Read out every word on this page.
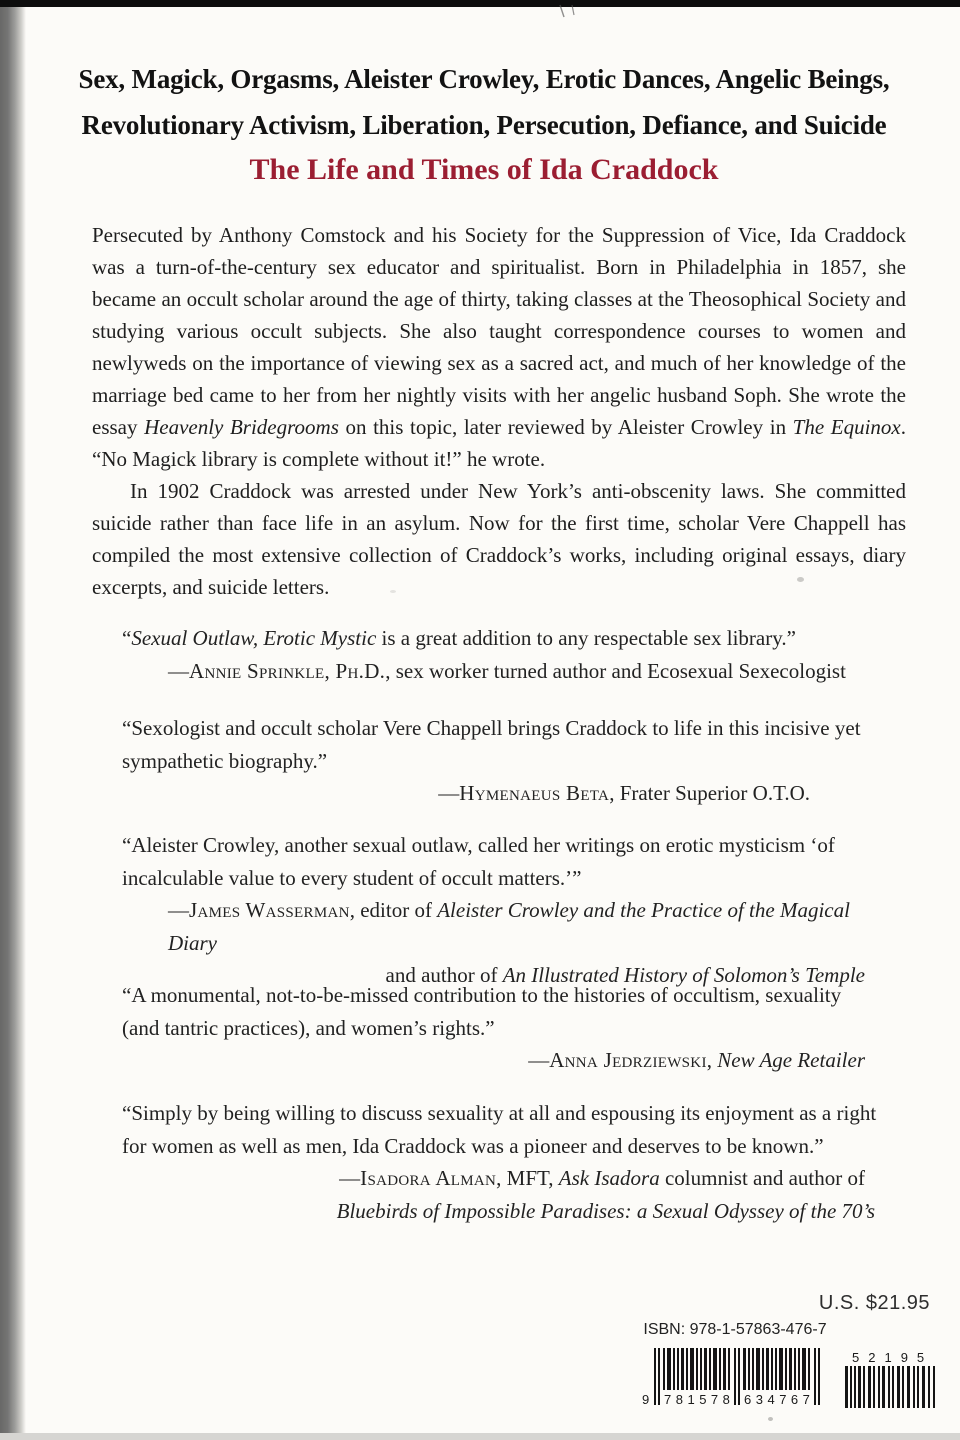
Sex, Magick, Orgasms, Aleister Crowley, Erotic Dances, Angelic Beings,
Revolutionary Activism, Liberation, Persecution, Defiance, and Suicide
The Life and Times of Ida Craddock

Persecuted by Anthony Comstock and his Society for the Suppression of Vice, Ida Craddock was a turn-of-the-century sex educator and spiritualist. Born in Philadelphia in 1857, she became an occult scholar around the age of thirty, taking classes at the Theosophical Society and studying various occult subjects. She also taught correspondence courses to women and newlyweds on the importance of viewing sex as a sacred act, and much of her knowledge of the marriage bed came to her from her nightly visits with her angelic husband Soph. She wrote the essay Heavenly Bridegrooms on this topic, later reviewed by Aleister Crowley in The Equinox. “No Magick library is complete without it!” he wrote.

In 1902 Craddock was arrested under New York’s anti-obscenity laws. She committed suicide rather than face life in an asylum. Now for the first time, scholar Vere Chappell has compiled the most extensive collection of Craddock’s works, including original essays, diary excerpts, and suicide letters.

“Sexual Outlaw, Erotic Mystic is a great addition to any respectable sex library.”

—Annie Sprinkle, Ph.D., sex worker turned author and Ecosexual Sexecologist

“Sexologist and occult scholar Vere Chappell brings Craddock to life in this incisive yet sympathetic biography.”

—Hymenaeus Beta, Frater Superior O.T.O.

“Aleister Crowley, another sexual outlaw, called her writings on erotic mysticism ‘of incalculable value to every student of occult matters.’”

—James Wasserman, editor of Aleister Crowley and the Practice of the Magical Diary

and author of An Illustrated History of Solomon’s Temple

“A monumental, not-to-be-missed contribution to the histories of occultism, sexuality (and tantric practices), and women’s rights.”

—Anna Jedrziewski, New Age Retailer

“Simply by being willing to discuss sexuality at all and espousing its enjoyment as a right for women as well as men, Ida Craddock was a pioneer and deserves to be known.”

—Isadora Alman, MFT, Ask Isadora columnist and author of

Bluebirds of Impossible Paradises: a Sexual Odyssey of the 70’s

U.S. $21.95
ISBN: 978-1-57863-476-7
9 781578 634767
52195
